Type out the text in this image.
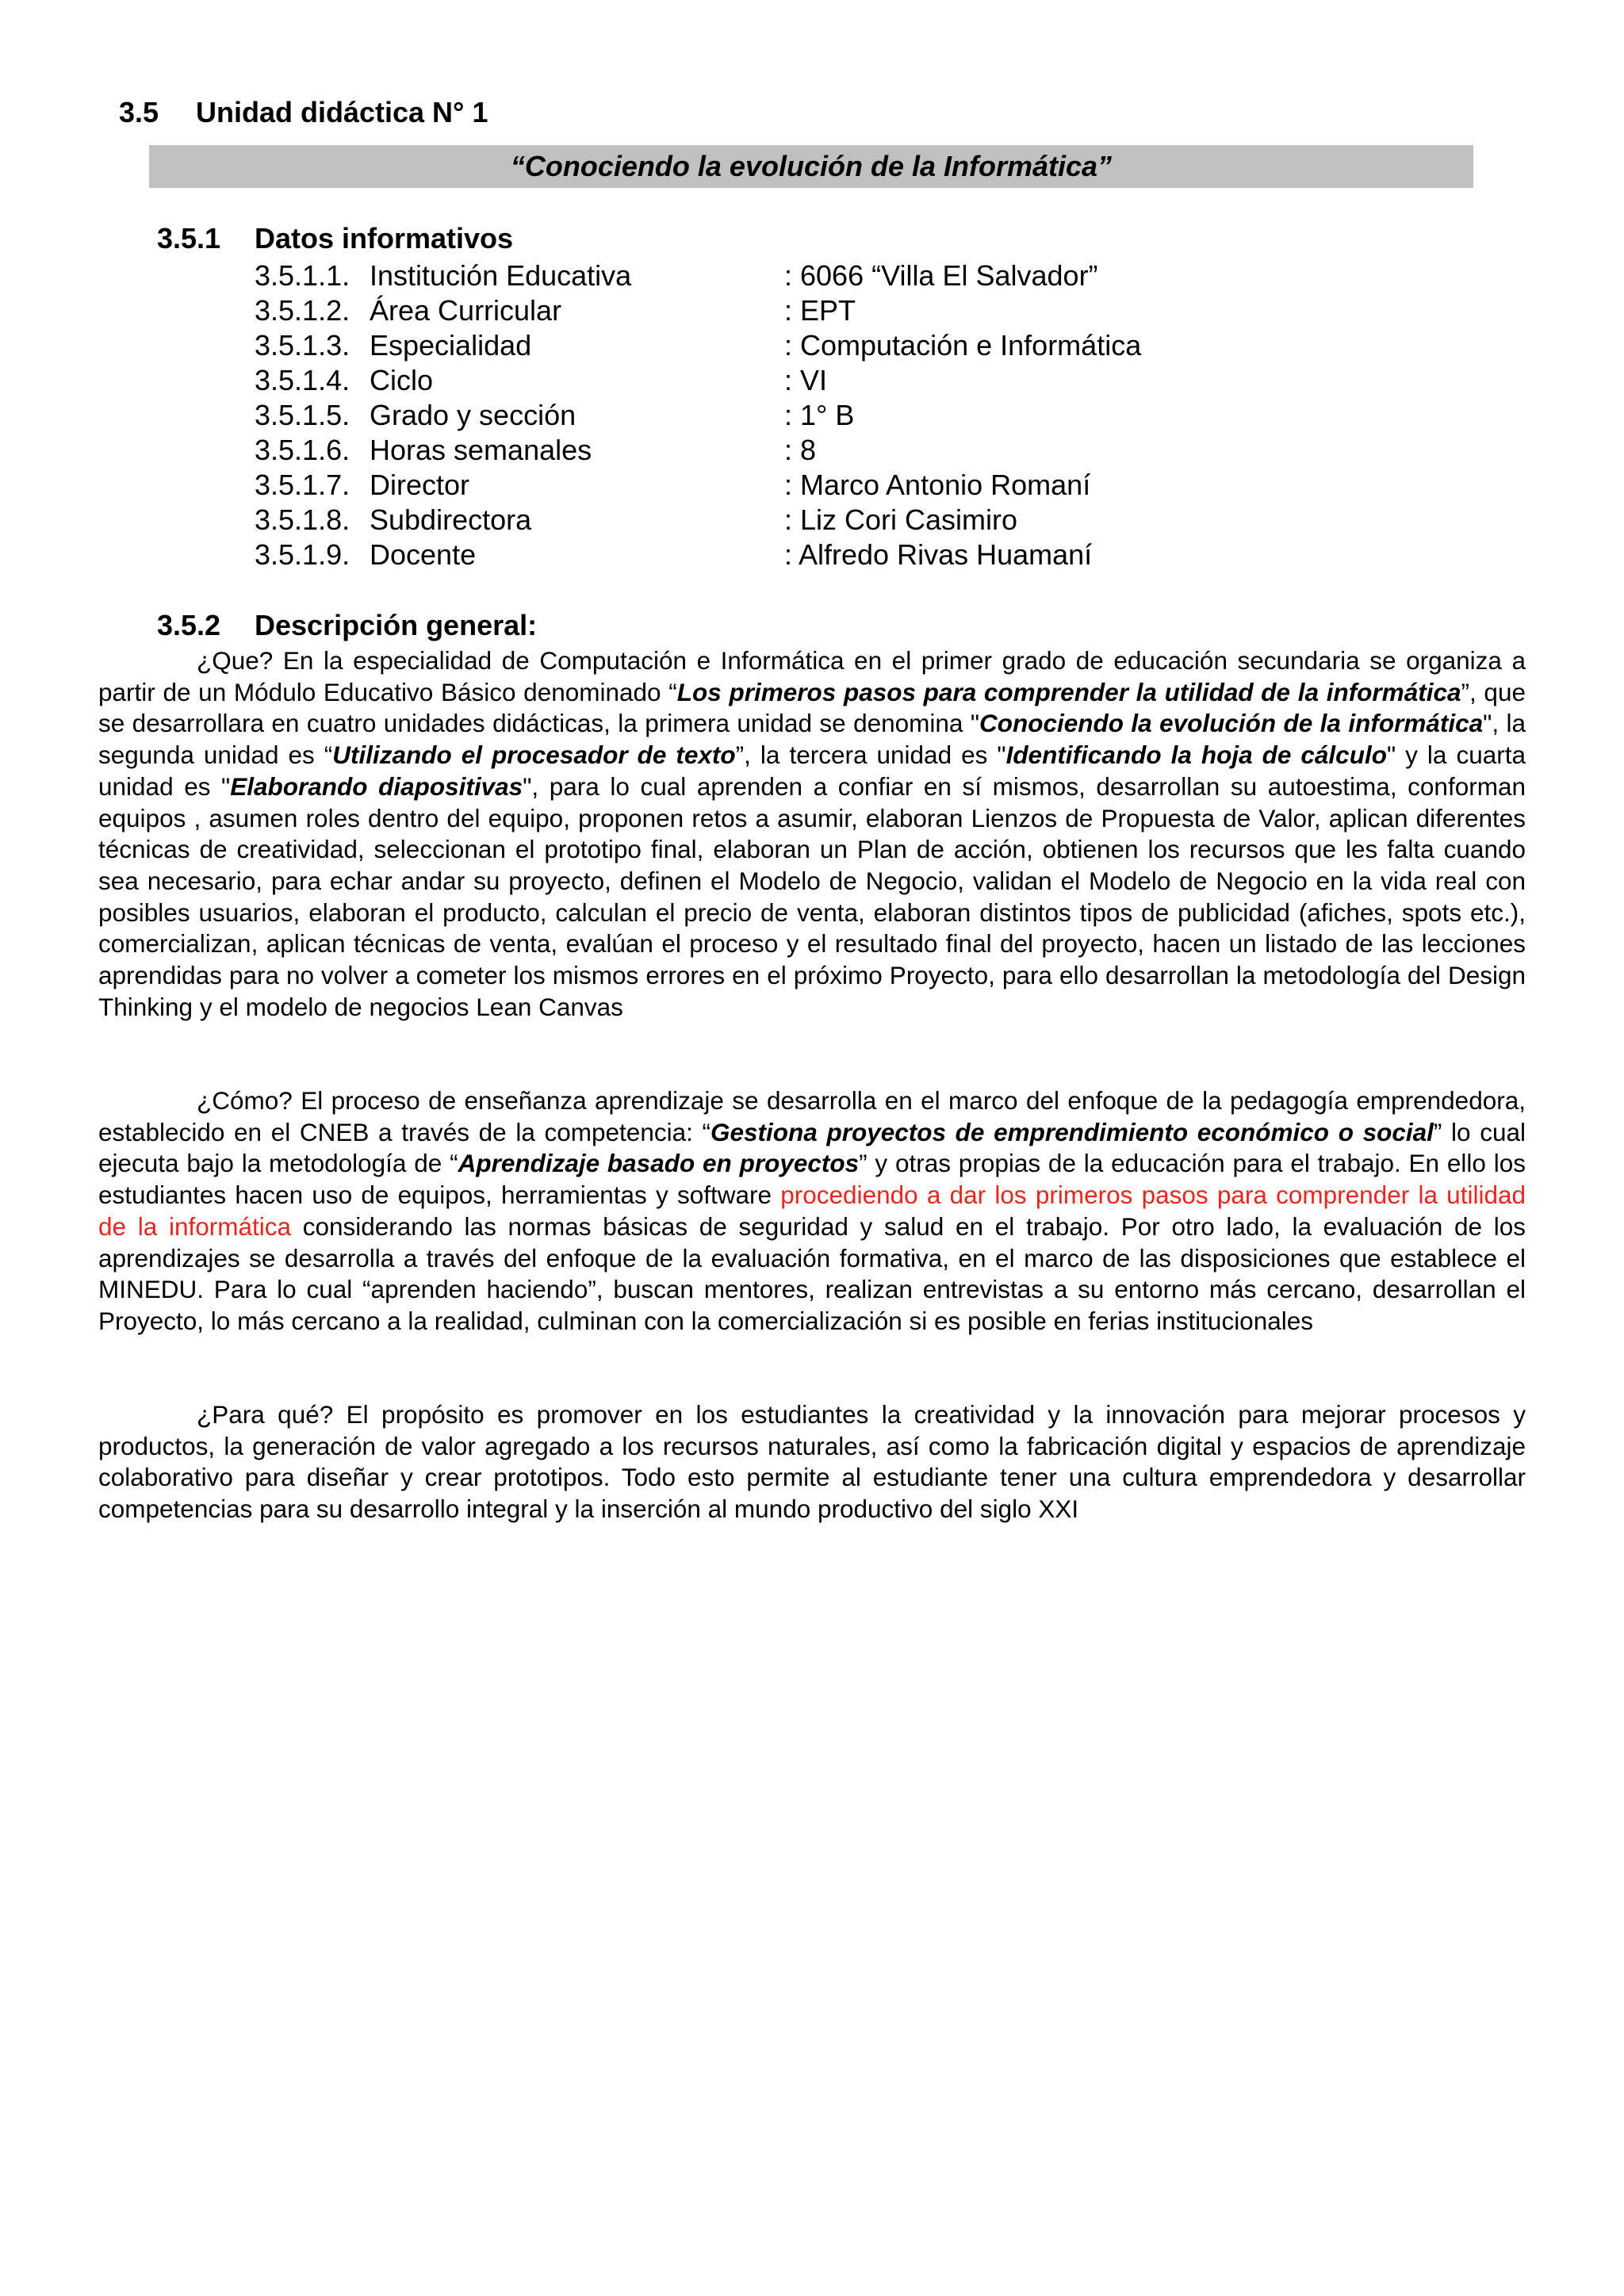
3.5 Unidad didáctica N° 1
“Conociendo la evolución de la Informática”
3.5.1 Datos informativos
3.5.1.1. Institución Educativa	: 6066 “Villa El Salvador”
3.5.1.2. Área Curricular	: EPT
3.5.1.3. Especialidad	: Computación e Informática
3.5.1.4. Ciclo	: VI
3.5.1.5. Grado y sección	: 1° B
3.5.1.6. Horas semanales	: 8
3.5.1.7. Director	: Marco Antonio Romaní
3.5.1.8. Subdirectora	: Liz Cori Casimiro
3.5.1.9. Docente	: Alfredo Rivas Huamaní
3.5.2 Descripción general:

¿Que? En la especialidad de Computación e Informática en el primer grado de educación secundaria se organiza a partir de un Módulo Educativo Básico denominado “Los primeros pasos para comprender la utilidad de la informática”, que se desarrollara en cuatro unidades didácticas, la primera unidad se denomina "Conociendo la evolución de la informática", la segunda unidad es “Utilizando el procesador de texto”, la tercera unidad es "Identificando la hoja de cálculo" y la cuarta unidad es "Elaborando diapositivas", para lo cual aprenden a confiar en sí mismos, desarrollan su autoestima, conforman equipos , asumen roles dentro del equipo, proponen retos a asumir, elaboran Lienzos de Propuesta de Valor, aplican diferentes técnicas de creatividad, seleccionan el prototipo final, elaboran un Plan de acción, obtienen los recursos que les falta cuando sea necesario, para echar andar su proyecto, definen el Modelo de Negocio, validan el Modelo de Negocio en la vida real con posibles usuarios, elaboran el producto, calculan el precio de venta, elaboran distintos tipos de publicidad (afiches, spots etc.), comercializan, aplican técnicas de venta, evalúan el proceso y el resultado final del proyecto, hacen un listado de las lecciones aprendidas para no volver a cometer los mismos errores en el próximo Proyecto, para ello desarrollan la metodología del Design Thinking y el modelo de negocios Lean Canvas

¿Cómo? El proceso de enseñanza aprendizaje se desarrolla en el marco del enfoque de la pedagogía emprendedora, establecido en el CNEB a través de la competencia: “Gestiona proyectos de emprendimiento económico o social” lo cual ejecuta bajo la metodología de “Aprendizaje basado en proyectos” y otras propias de la educación para el trabajo. En ello los estudiantes hacen uso de equipos, herramientas y software procediendo a dar los primeros pasos para comprender la utilidad de la informática considerando las normas básicas de seguridad y salud en el trabajo. Por otro lado, la evaluación de los aprendizajes se desarrolla a través del enfoque de la evaluación formativa, en el marco de las disposiciones que establece el MINEDU. Para lo cual “aprenden haciendo”, buscan mentores, realizan entrevistas a su entorno más cercano, desarrollan el Proyecto, lo más cercano a la realidad, culminan con la comercialización si es posible en ferias institucionales

¿Para qué? El propósito es promover en los estudiantes la creatividad y la innovación para mejorar procesos y productos, la generación de valor agregado a los recursos naturales, así como la fabricación digital y espacios de aprendizaje colaborativo para diseñar y crear prototipos. Todo esto permite al estudiante tener una cultura emprendedora y desarrollar competencias para su desarrollo integral y la inserción al mundo productivo del siglo XXI
